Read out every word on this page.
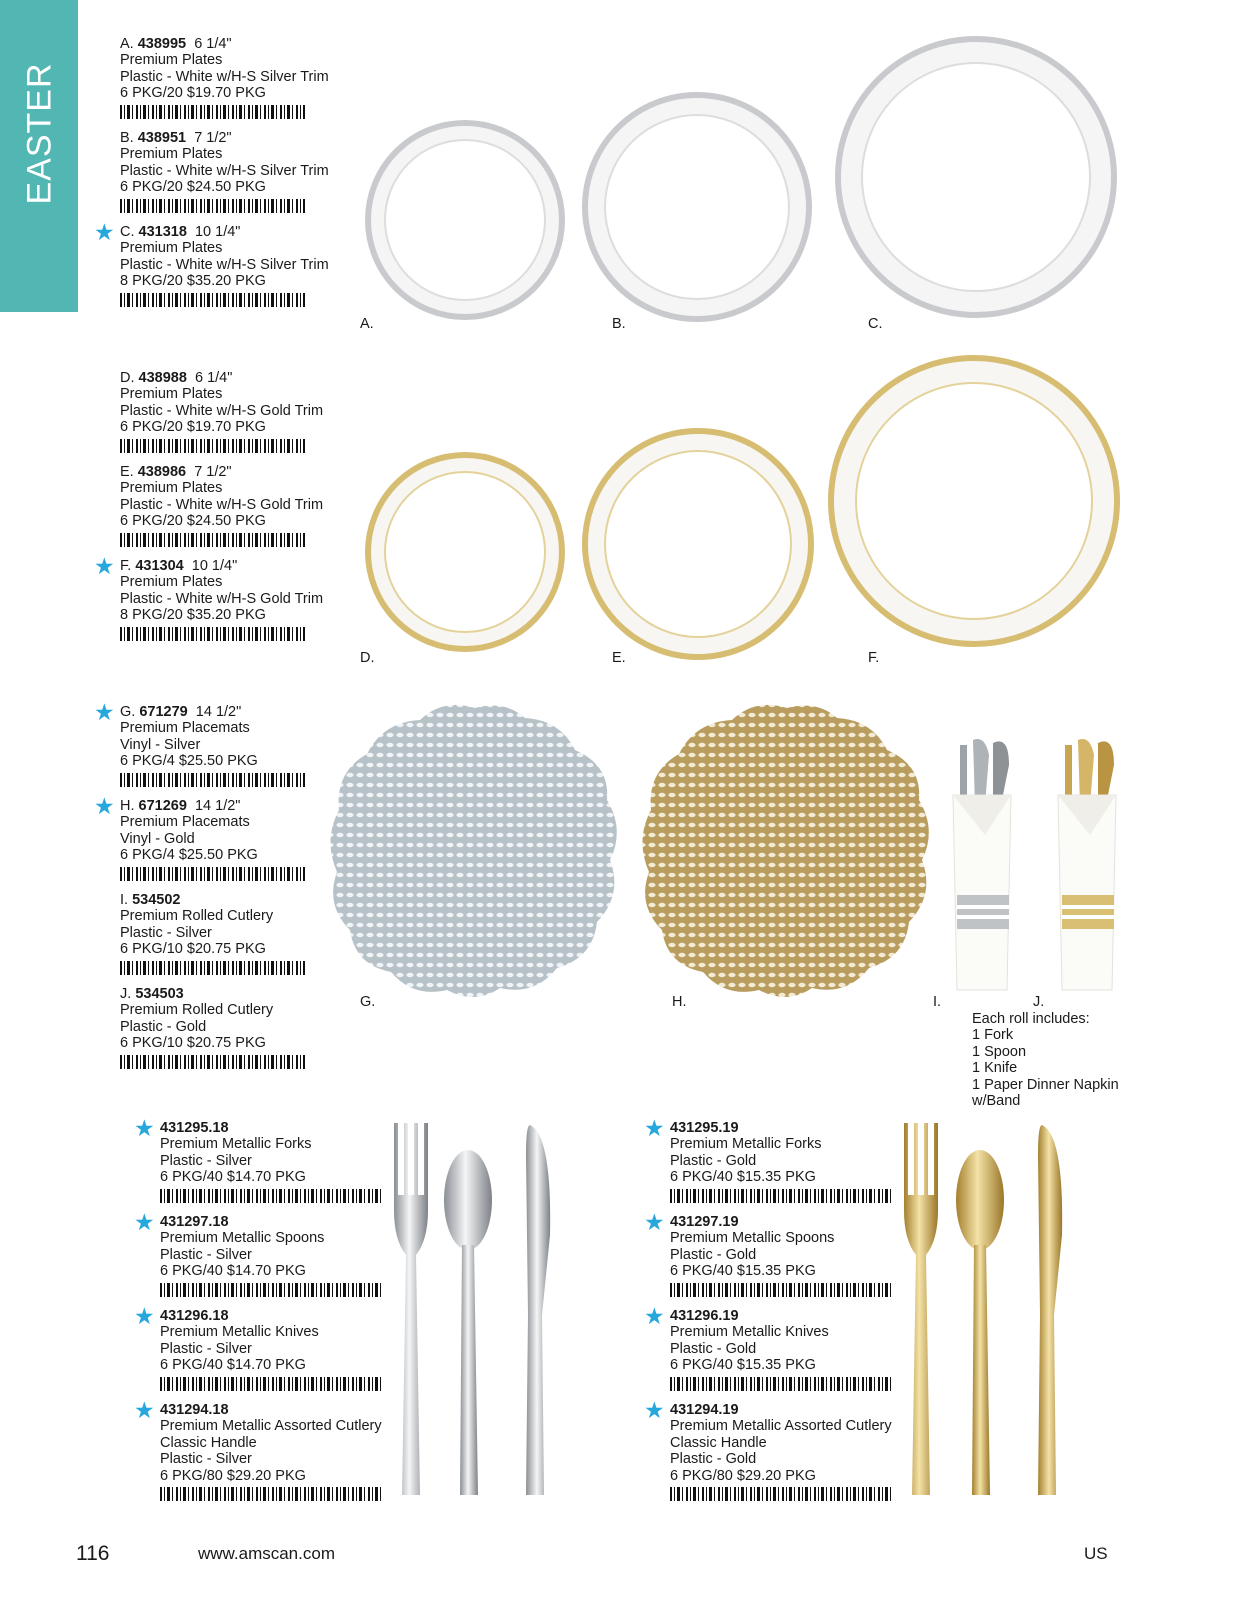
EASTER
A. 438995 6 1/4"
Premium Plates
Plastic - White w/H-S Silver Trim
6 PKG/20 $19.70 PKG
B. 438951 7 1/2"
Premium Plates
Plastic - White w/H-S Silver Trim
6 PKG/20 $24.50 PKG
★ C. 431318 10 1/4"
Premium Plates
Plastic - White w/H-S Silver Trim
8 PKG/20 $35.20 PKG
D. 438988 6 1/4"
Premium Plates
Plastic - White w/H-S Gold Trim
6 PKG/20 $19.70 PKG
E. 438986 7 1/2"
Premium Plates
Plastic - White w/H-S Gold Trim
6 PKG/20 $24.50 PKG
★ F. 431304 10 1/4"
Premium Plates
Plastic - White w/H-S Gold Trim
8 PKG/20 $35.20 PKG
★ G. 671279 14 1/2"
Premium Placemats
Vinyl - Silver
6 PKG/4 $25.50 PKG
★ H. 671269 14 1/2"
Premium Placemats
Vinyl - Gold
6 PKG/4 $25.50 PKG
I. 534502
Premium Rolled Cutlery
Plastic - Silver
6 PKG/10 $20.75 PKG
J. 534503
Premium Rolled Cutlery
Plastic - Gold
6 PKG/10 $20.75 PKG
A.	B.	C.
D.	E.	F.
G.	H.	I.	J.
Each roll includes:
1 Fork
1 Spoon
1 Knife
1 Paper Dinner Napkin
w/Band
★ 431295.18
Premium Metallic Forks
Plastic - Silver
6 PKG/40 $14.70 PKG
★ 431297.18
Premium Metallic Spoons
Plastic - Silver
6 PKG/40 $14.70 PKG
★ 431296.18
Premium Metallic Knives
Plastic - Silver
6 PKG/40 $14.70 PKG
★ 431294.18
Premium Metallic Assorted Cutlery
Classic Handle
Plastic - Silver
6 PKG/80 $29.20 PKG
★ 431295.19
Premium Metallic Forks
Plastic - Gold
6 PKG/40 $15.35 PKG
★ 431297.19
Premium Metallic Spoons
Plastic - Gold
6 PKG/40 $15.35 PKG
★ 431296.19
Premium Metallic Knives
Plastic - Gold
6 PKG/40 $15.35 PKG
★ 431294.19
Premium Metallic Assorted Cutlery
Classic Handle
Plastic - Gold
6 PKG/80 $29.20 PKG
116	www.amscan.com	US
